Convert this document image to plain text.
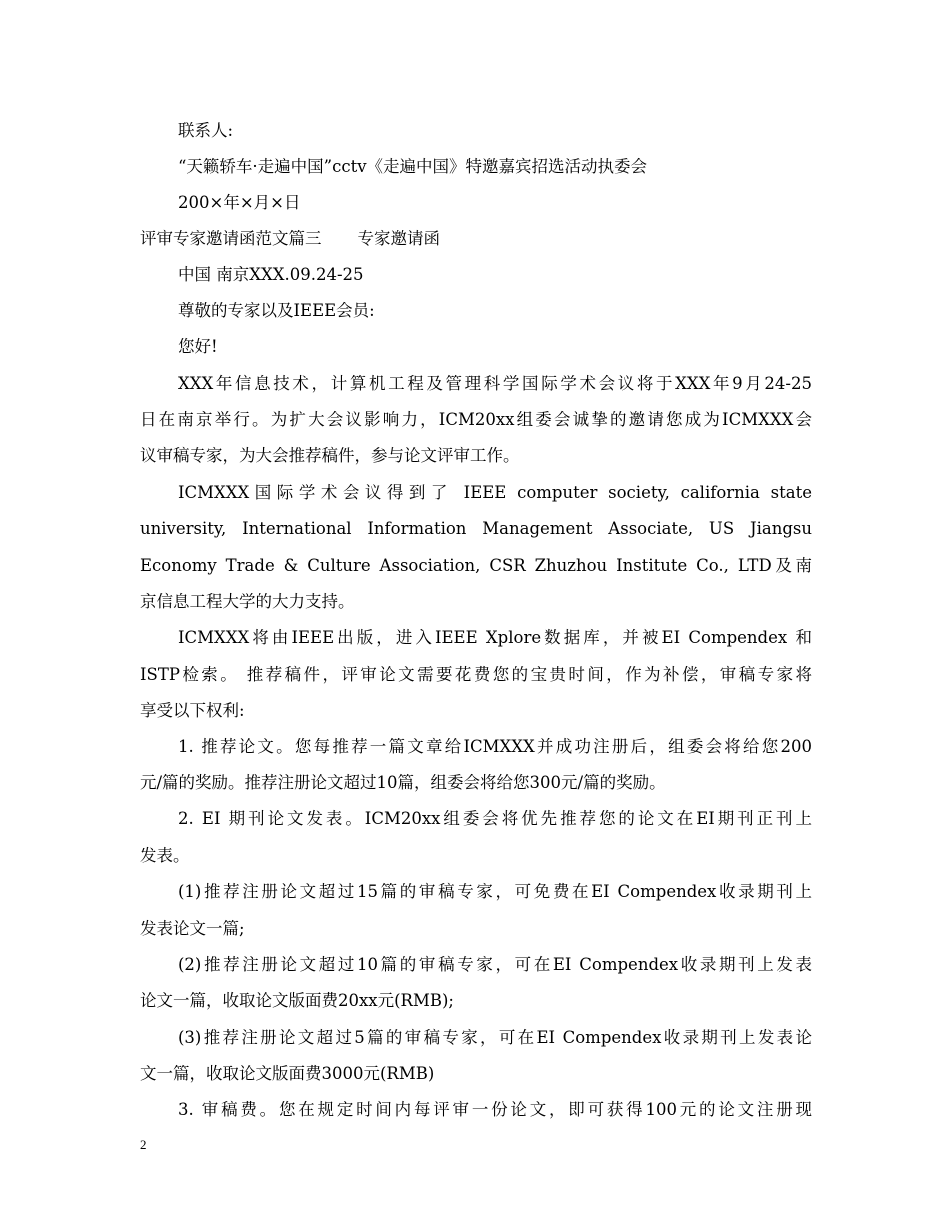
联系人:
“天籁轿车·走遍中国”cctv《走遍中国》特邀嘉宾招选活动执委会
200×年×月×日
评审专家邀请函范文篇三 专家邀请函
中国 南京XXX.09.24-25
尊敬的专家以及IEEE会员:
您好!
XXX年信息技术，计算机工程及管理科学国际学术会议将于XXX年9月24-25
日在南京举行。为扩大会议影响力，ICM20xx组委会诚挚的邀请您成为ICMXXX会
议审稿专家，为大会推荐稿件，参与论文评审工作。
ICMXXX国际学术会议得到了 IEEE computer society, california state
university, International Information Management Associate, US Jiangsu
Economy Trade & Culture Association, CSR Zhuzhou Institute Co., LTD及南
京信息工程大学的大力支持。
ICMXXX将由IEEE出版，进入IEEE Xplore数据库，并被EI Compendex 和
ISTP检索。 推荐稿件，评审论文需要花费您的宝贵时间，作为补偿，审稿专家将
享受以下权利:
1. 推荐论文。您每推荐一篇文章给ICMXXX并成功注册后，组委会将给您200
元/篇的奖励。推荐注册论文超过10篇，组委会将给您300元/篇的奖励。
2. EI 期刊论文发表。ICM20xx组委会将优先推荐您的论文在EI期刊正刊上
发表。
(1)推荐注册论文超过15篇的审稿专家，可免费在EI Compendex收录期刊上
发表论文一篇;
(2)推荐注册论文超过10篇的审稿专家，可在EI Compendex收录期刊上发表
论文一篇，收取论文版面费20xx元(RMB);
(3)推荐注册论文超过5篇的审稿专家，可在EI Compendex收录期刊上发表论
文一篇，收取论文版面费3000元(RMB)
3. 审稿费。您在规定时间内每评审一份论文，即可获得100元的论文注册现
2
